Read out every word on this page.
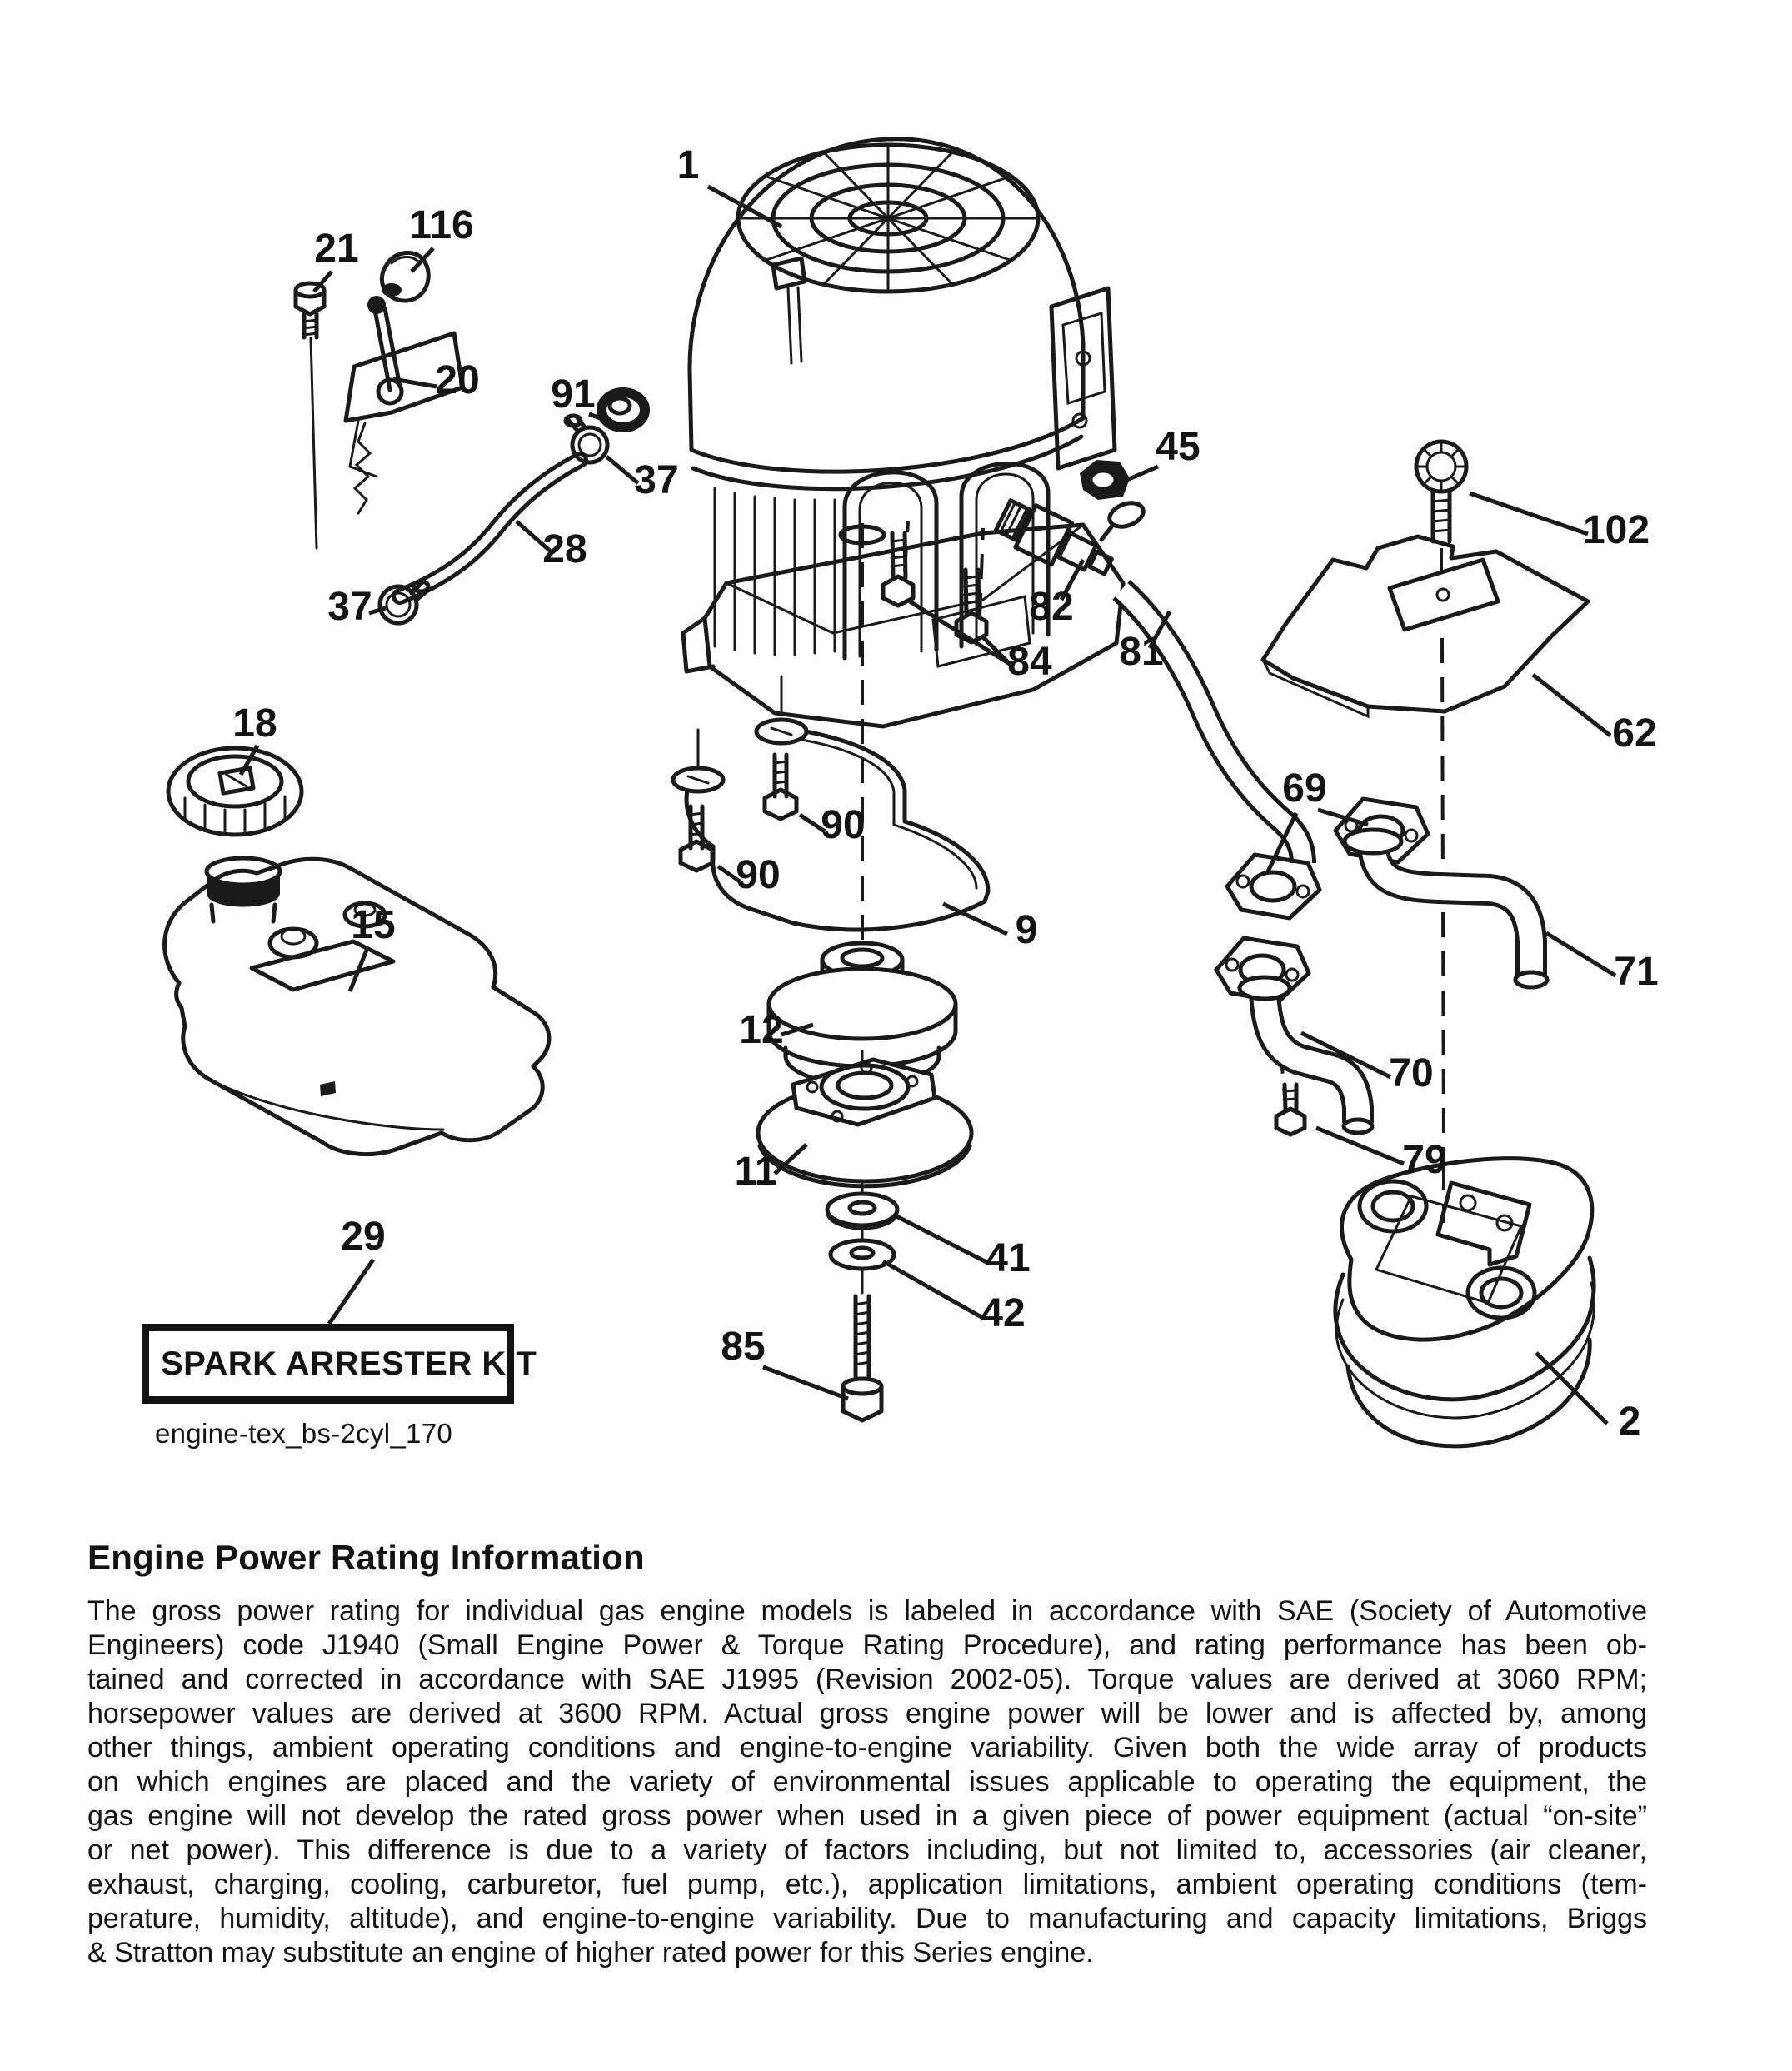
1
116
21
20 91
37
28
37
18
15
29
45
82
84 81
102
62
69
90
90
9
71
12
70
11	79
41
42
85
2
SPARK ARRESTER KIT
engine-tex_bs-2cyl_170
Engine Power Rating Information
The gross power rating for individual gas engine models is labeled in accordance with SAE (Society of Automotive
Engineers) code J1940 (Small Engine Power & Torque Rating Procedure), and rating performance has been ob-
tained and corrected in accordance with SAE J1995 (Revision 2002-05). Torque values are derived at 3060 RPM;
horsepower values are derived at 3600 RPM. Actual gross engine power will be lower and is affected by, among
other things, ambient operating conditions and engine-to-engine variability. Given both the wide array of products
on which engines are placed and the variety of environmental issues applicable to operating the equipment, the
gas engine will not develop the rated gross power when used in a given piece of power equipment (actual “on-site”
or net power). This difference is due to a variety of factors including, but not limited to, accessories (air cleaner,
exhaust, charging, cooling, carburetor, fuel pump, etc.), application limitations, ambient operating conditions (tem-
perature, humidity, altitude), and engine-to-engine variability. Due to manufacturing and capacity limitations, Briggs
& Stratton may substitute an engine of higher rated power for this Series engine.
